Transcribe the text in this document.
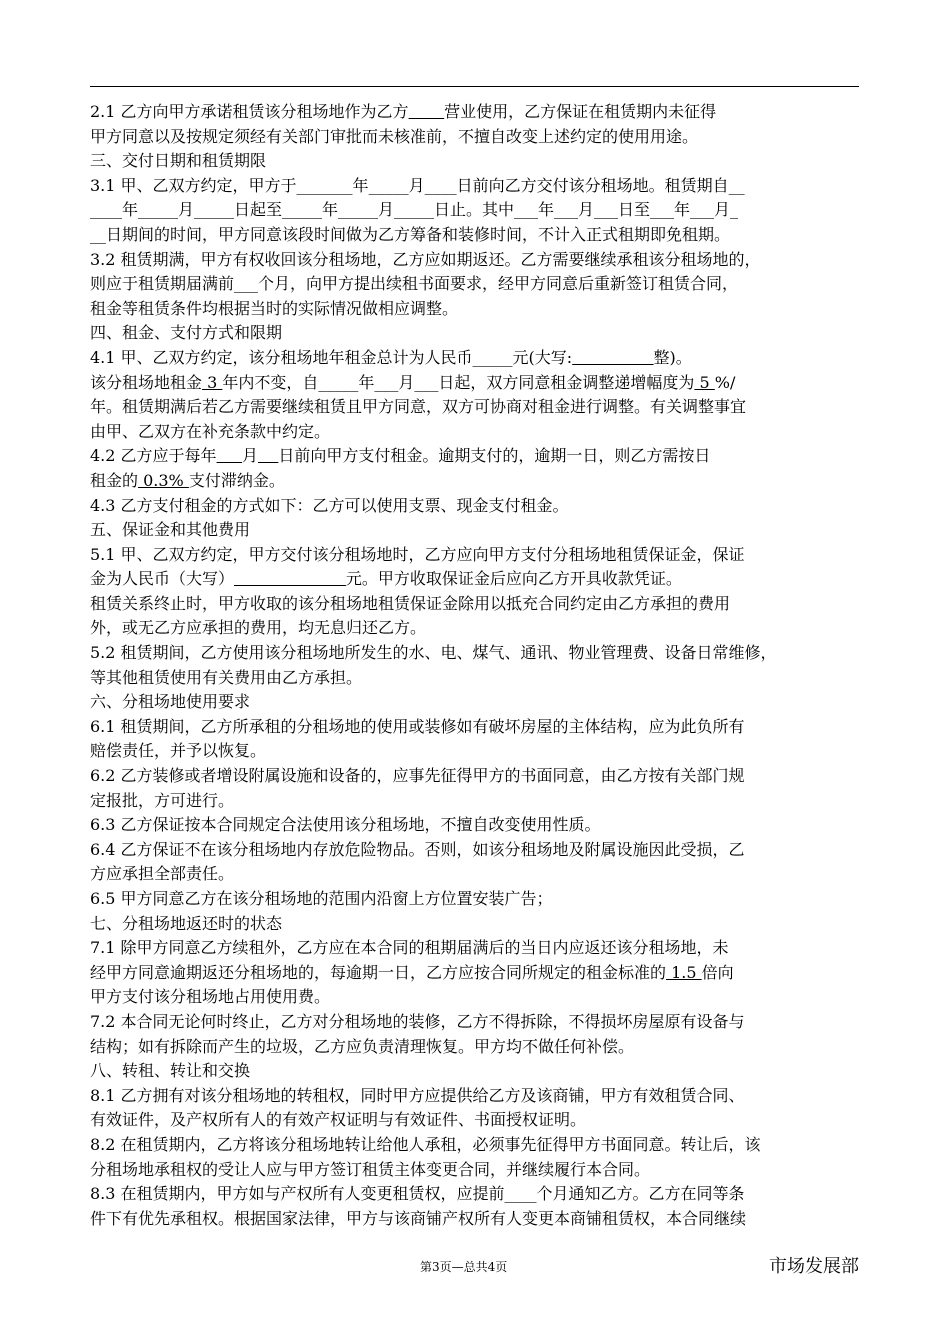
2.1 乙方向甲方承诺租赁该分租场地作为乙方 营业使用，乙方保证在租赁期内未征得
甲方同意以及按规定须经有关部门审批而未核准前，不擅自改变上述约定的使用用途。
三、交付日期和租赁期限
3.1 甲、乙双方约定，甲方于_______年_____月____日前向乙方交付该分租场地。租赁期自__
____年_____月_____日起至_____年_____月_____日止。其中___年___月___日至___年___月_
__日期间的时间，甲方同意该段时间做为乙方筹备和装修时间，不计入正式租期即免租期。
3.2 租赁期满，甲方有权收回该分租场地，乙方应如期返还。乙方需要继续承租该分租场地的，
则应于租赁期届满前___个月，向甲方提出续租书面要求，经甲方同意后重新签订租赁合同，
租金等租赁条件均根据当时的实际情况做相应调整。
四、租金、支付方式和限期
4.1 甲、乙双方约定，该分租场地年租金总计为人民币_____元(大写:	整)。
该分租场地租金 3 年内不变，自_____年___月___日起，双方同意租金调整递增幅度为 5 %/
年。租赁期满后若乙方需要继续租赁且甲方同意，双方可协商对租金进行调整。有关调整事宜
由甲、乙双方在补充条款中约定。
4.2 乙方应于每年 月 日前向甲方支付租金。逾期支付的，逾期一日，则乙方需按日
租金的 0.3% 支付滞纳金。
4.3 乙方支付租金的方式如下：乙方可以使用支票、现金支付租金。
五、保证金和其他费用
5.1 甲、乙双方约定，甲方交付该分租场地时，乙方应向甲方支付分租场地租赁保证金，保证
金为人民币（大写）	元。甲方收取保证金后应向乙方开具收款凭证。
租赁关系终止时，甲方收取的该分租场地租赁保证金除用以抵充合同约定由乙方承担的费用
外，或无乙方应承担的费用，均无息归还乙方。
5.2 租赁期间，乙方使用该分租场地所发生的水、电、煤气、通讯、物业管理费、设备日常维修，
等其他租赁使用有关费用由乙方承担。
六、分租场地使用要求
6.1 租赁期间，乙方所承租的分租场地的使用或装修如有破坏房屋的主体结构，应为此负所有
赔偿责任，并予以恢复。
6.2 乙方装修或者增设附属设施和设备的，应事先征得甲方的书面同意，由乙方按有关部门规
定报批，方可进行。
6.3 乙方保证按本合同规定合法使用该分租场地，不擅自改变使用性质。
6.4 乙方保证不在该分租场地内存放危险物品。否则，如该分租场地及附属设施因此受损，乙
方应承担全部责任。
6.5 甲方同意乙方在该分租场地的范围内沿窗上方位置安装广告；
七、分租场地返还时的状态
7.1 除甲方同意乙方续租外，乙方应在本合同的租期届满后的当日内应返还该分租场地，未
经甲方同意逾期返还分租场地的，每逾期一日，乙方应按合同所规定的租金标准的 1.5 倍向
甲方支付该分租场地占用使用费。
7.2 本合同无论何时终止，乙方对分租场地的装修，乙方不得拆除，不得损坏房屋原有设备与
结构；如有拆除而产生的垃圾，乙方应负责清理恢复。甲方均不做任何补偿。
八、转租、转让和交换
8.1 乙方拥有对该分租场地的转租权，同时甲方应提供给乙方及该商铺，甲方有效租赁合同、
有效证件，及产权所有人的有效产权证明与有效证件、书面授权证明。
8.2 在租赁期内，乙方将该分租场地转让给他人承租，必须事先征得甲方书面同意。转让后，该
分租场地承租权的受让人应与甲方签订租赁主体变更合同，并继续履行本合同。
8.3 在租赁期内，甲方如与产权所有人变更租赁权，应提前____个月通知乙方。乙方在同等条
件下有优先承租权。根据国家法律，甲方与该商铺产权所有人变更本商铺租赁权，本合同继续
第3页—总共4页	市场发展部
